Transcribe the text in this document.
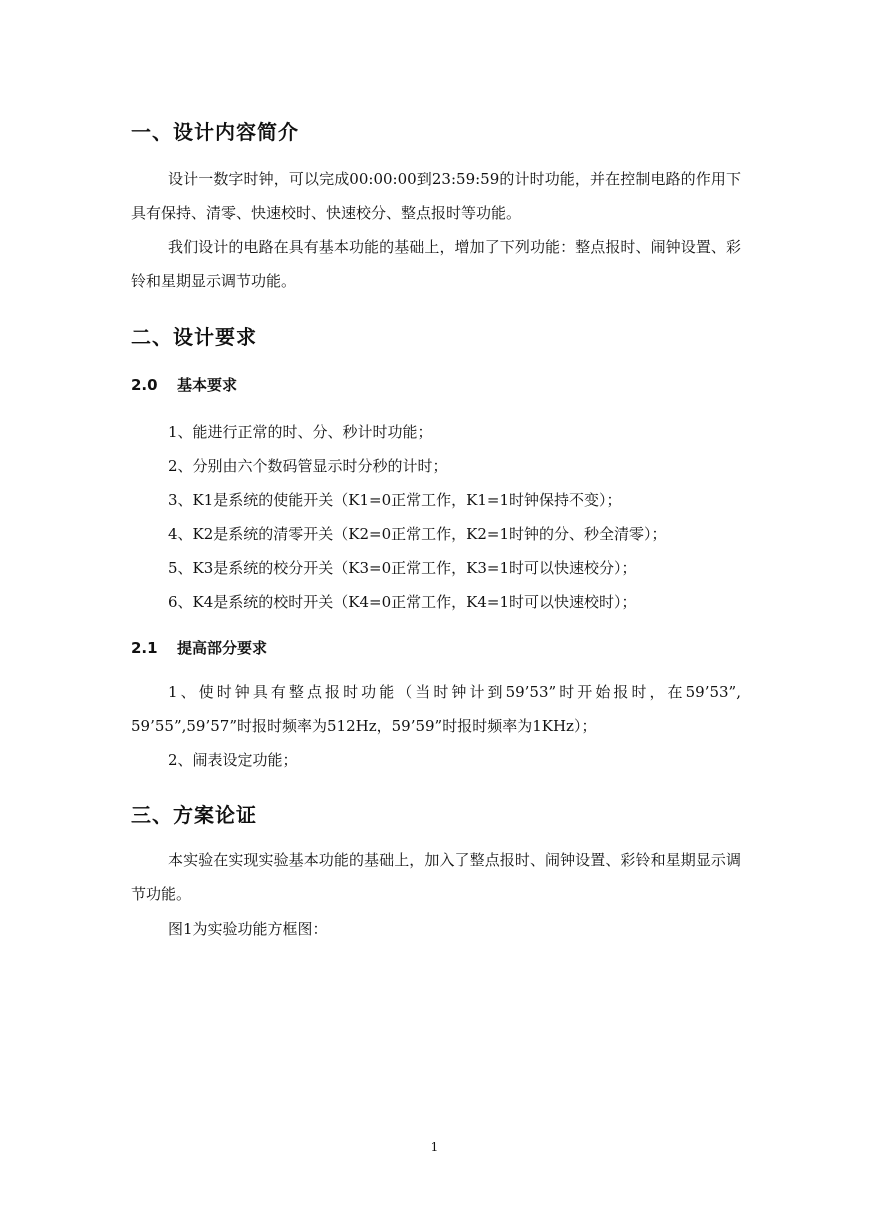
一、设计内容简介
设计一数字时钟，可以完成00:00:00到23:59:59的计时功能，并在控制电路的作用下具有保持、清零、快速校时、快速校分、整点报时等功能。
我们设计的电路在具有基本功能的基础上，增加了下列功能：整点报时、闹钟设置、彩铃和星期显示调节功能。
二、设计要求
2.0 基本要求
1、能进行正常的时、分、秒计时功能；
2、分别由六个数码管显示时分秒的计时；
3、K1是系统的使能开关（K1=0正常工作，K1=1时钟保持不变）；
4、K2是系统的清零开关（K2=0正常工作，K2=1时钟的分、秒全清零）；
5、K3是系统的校分开关（K3=0正常工作，K3=1时可以快速校分）；
6、K4是系统的校时开关（K4=0正常工作，K4=1时可以快速校时）；
2.1 提高部分要求
1、使时钟具有整点报时功能（当时钟计到59’53”时开始报时，在59’53”, 59’55”,59’57”时报时频率为512Hz，59’59”时报时频率为1KHz）；
2、闹表设定功能；
三、方案论证
本实验在实现实验基本功能的基础上，加入了整点报时、闹钟设置、彩铃和星期显示调节功能。
图1为实验功能方框图：
1
